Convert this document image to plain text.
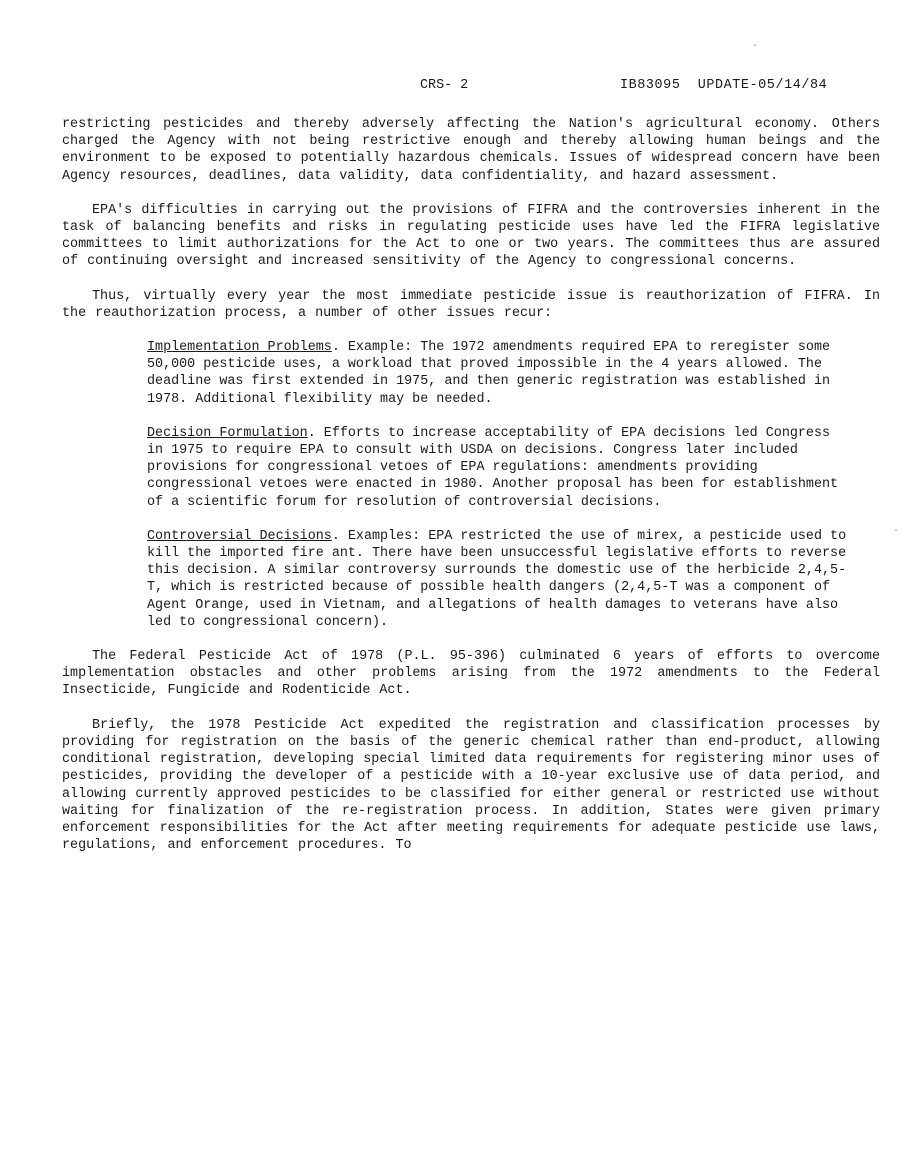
CRS- 2	IB83095  UPDATE-05/14/84
·
·

restricting pesticides and thereby adversely affecting the Nation's agricultural economy. Others charged the Agency with not being restrictive enough and thereby allowing human beings and the environment to be exposed to potentially hazardous chemicals. Issues of widespread concern have been Agency resources, deadlines, data validity, data confidentiality, and hazard assessment.

EPA's difficulties in carrying out the provisions of FIFRA and the controversies inherent in the task of balancing benefits and risks in regulating pesticide uses have led the FIFRA legislative committees to limit authorizations for the Act to one or two years. The committees thus are assured of continuing oversight and increased sensitivity of the Agency to congressional concerns.

Thus, virtually every year the most immediate pesticide issue is reauthorization of FIFRA. In the reauthorization process, a number of other issues recur:

Implementation Problems. Example: The 1972 amendments required EPA to reregister some 50,000 pesticide uses, a workload that proved impossible in the 4 years allowed. The deadline was first extended in 1975, and then generic registration was established in 1978. Additional flexibility may be needed.
Decision Formulation. Efforts to increase acceptability of EPA decisions led Congress in 1975 to require EPA to consult with USDA on decisions. Congress later included provisions for congressional vetoes of EPA regulations: amendments providing congressional vetoes were enacted in 1980. Another proposal has been for establishment of a scientific forum for resolution of controversial decisions.
Controversial Decisions. Examples: EPA restricted the use of mirex, a pesticide used to kill the imported fire ant. There have been unsuccessful legislative efforts to reverse this decision. A similar controversy surrounds the domestic use of the herbicide 2,4,5-T, which is restricted because of possible health dangers (2,4,5-T was a component of Agent Orange, used in Vietnam, and allegations of health damages to veterans have also led to congressional concern).

The Federal Pesticide Act of 1978 (P.L. 95-396) culminated 6 years of efforts to overcome implementation obstacles and other problems arising from the 1972 amendments to the Federal Insecticide, Fungicide and Rodenticide Act.

Briefly, the 1978 Pesticide Act expedited the registration and classification processes by providing for registration on the basis of the generic chemical rather than end-product, allowing conditional registration, developing special limited data requirements for registering minor uses of pesticides, providing the developer of a pesticide with a 10-year exclusive use of data period, and allowing currently approved pesticides to be classified for either general or restricted use without waiting for finalization of the re-registration process. In addition, States were given primary enforcement responsibilities for the Act after meeting requirements for adequate pesticide use laws, regulations, and enforcement procedures. To
